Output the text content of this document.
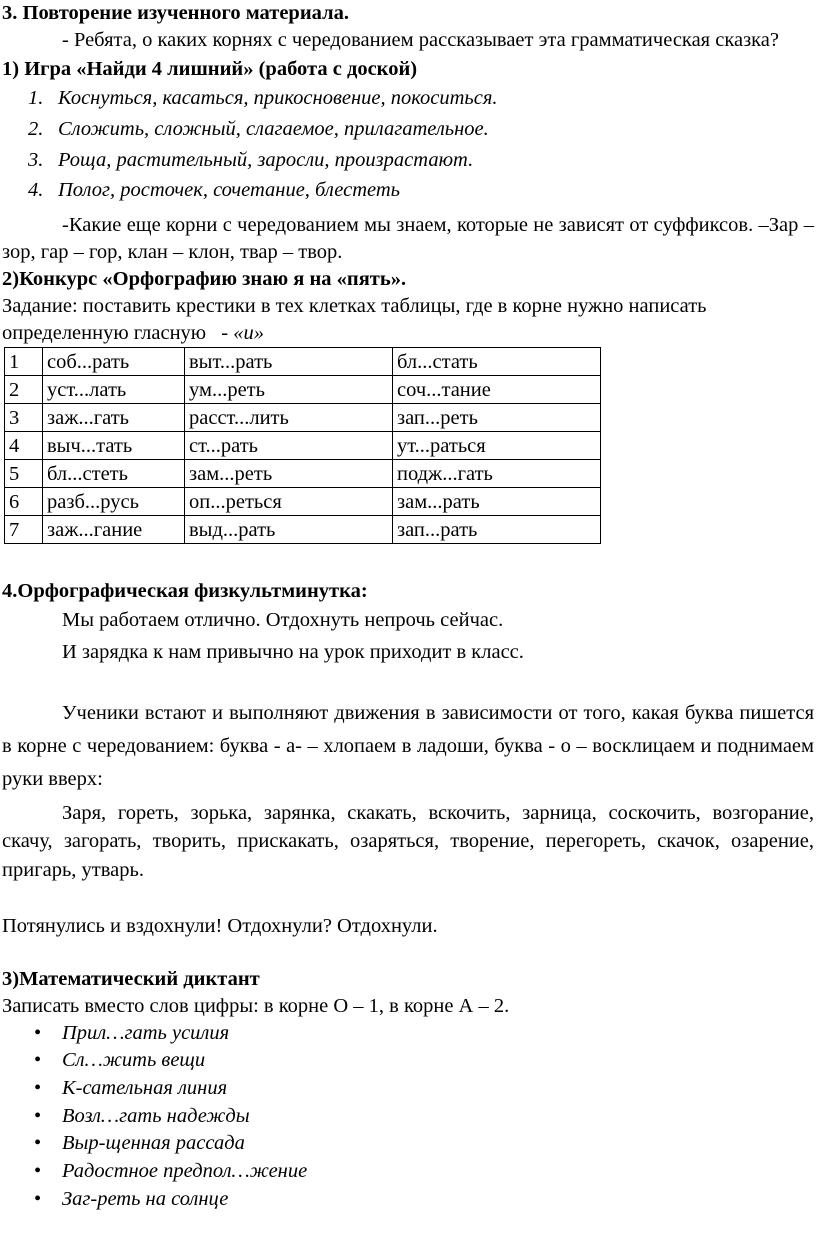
3. Повторение изученного материала.

- Ребята, о каких корнях с чередованием рассказывает эта грамматическая сказка?

1) Игра «Найди 4 лишний» (работа с доской)

1. Коснуться, касаться, прикосновение, покоситься.
2. Сложить, сложный, слагаемое, прилагательное.
3. Роща, растительный, заросли, произрастают.
4. Полог, росточек, сочетание, блестеть

-Какие еще корни с чередованием мы знаем, которые не зависят от суффиксов. –Зар – зор, гар – гор, клан – клон, твар – твор.

2)Конкурс «Орфографию знаю я на «пять».

Задание: поставить крестики в тех клетках таблицы, где в корне нужно написать определенную гласную - «и»

1	соб...рать	выт...рать	бл...стать
2	уст...лать	ум...реть	соч...тание
3	заж...гать	расст...лить	зап...реть
4	выч...тать	ст...рать	ут...раться
5	бл...стеть	зам...реть	подж...гать
6	разб...русь	оп...реться	зам...рать
7	заж...гание	выд...рать	зап...рать

4.Орфографическая физкультминутка:

Мы работаем отлично. Отдохнуть непрочь сейчас.

И зарядка к нам привычно на урок приходит в класс.

Ученики встают и выполняют движения в зависимости от того, какая буква пишется в корне с чередованием: буква - а- – хлопаем в ладоши, буква - о – восклицаем и поднимаем руки вверх:

Заря, гореть, зорька, зарянка, скакать, вскочить, зарница, соскочить, возгорание, скачу, загорать, творить, прискакать, озаряться, творение, перегореть, скачок, озарение, пригарь, утварь.

Потянулись и вздохнули! Отдохнули? Отдохнули.

3)Математический диктант

Записать вместо слов цифры: в корне О – 1, в корне А – 2.

• Прил…гать усилия
• Сл…жить вещи
• К-сательная линия
• Возл…гать надежды
• Выр-щенная рассада
• Радостное предпол…жение
• Заг-реть на солнце
